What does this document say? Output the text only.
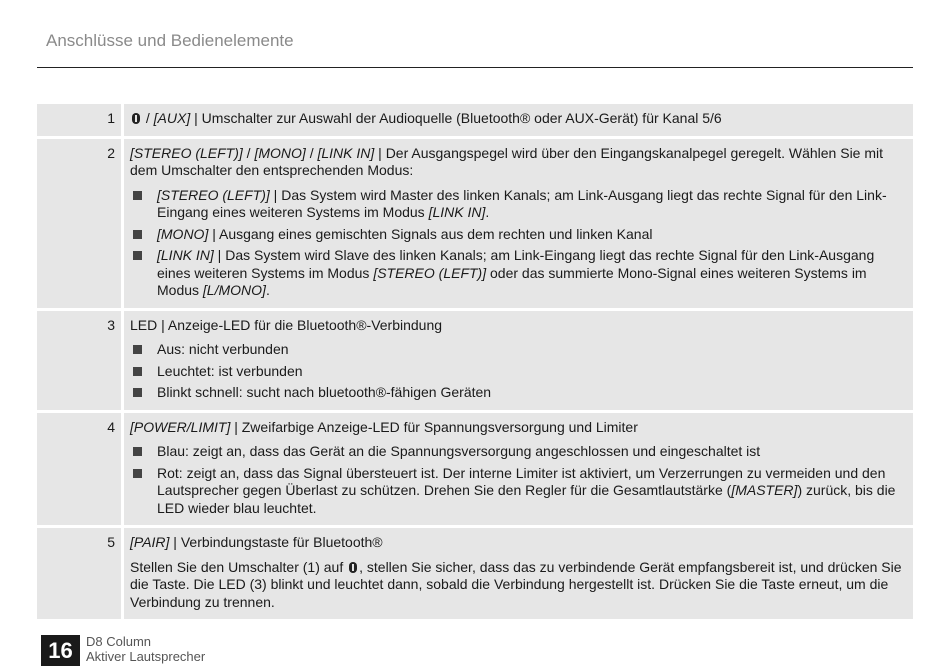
Anschlüsse und Bedienelemente
1	/ [AUX] | Umschalter zur Auswahl der Audioquelle (Bluetooth® oder AUX-Gerät) für Kanal 5/6

2	[STEREO (LEFT)] / [MONO] / [LINK IN] | Der Ausgangspegel wird über den Eingangskanalpegel geregelt. Wählen Sie mit dem Umschalter den entsprechenden Modus:

[STEREO (LEFT)] | Das System wird Master des linken Kanals; am Link-Ausgang liegt das rechte Signal für den Link-Eingang eines weiteren Systems im Modus [LINK IN].
[MONO] | Ausgang eines gemischten Signals aus dem rechten und linken Kanal
[LINK IN] | Das System wird Slave des linken Kanals; am Link-Eingang liegt das rechte Signal für den Link-Ausgang eines weiteren Systems im Modus [STEREO (LEFT)] oder das summierte Mono-Signal eines weiteren Systems im Modus [L/MONO].
3	LED | Anzeige-LED für die Bluetooth®-Verbindung

Aus: nicht verbunden
Leuchtet: ist verbunden
Blinkt schnell: sucht nach bluetooth®-fähigen Geräten
4	[POWER/LIMIT] | Zweifarbige Anzeige-LED für Spannungsversorgung und Limiter

Blau: zeigt an, dass das Gerät an die Spannungsversorgung angeschlossen und eingeschaltet ist
Rot: zeigt an, dass das Signal übersteuert ist. Der interne Limiter ist aktiviert, um Verzerrungen zu vermeiden und den Lautsprecher gegen Überlast zu schützen. Drehen Sie den Regler für die Gesamtlautstärke ([MASTER]) zurück, bis die LED wieder blau leuchtet.
5	[PAIR] | Verbindungstaste für Bluetooth®

Stellen Sie den Umschalter (1) auf , stellen Sie sicher, dass das zu verbindende Gerät empfangsbereit ist, und drücken Sie die Taste. Die LED (3) blinkt und leuchtet dann, sobald die Verbindung hergestellt ist. Drücken Sie die Taste erneut, um die Verbindung zu trennen.

16	D8 Column
Aktiver Lautsprecher
